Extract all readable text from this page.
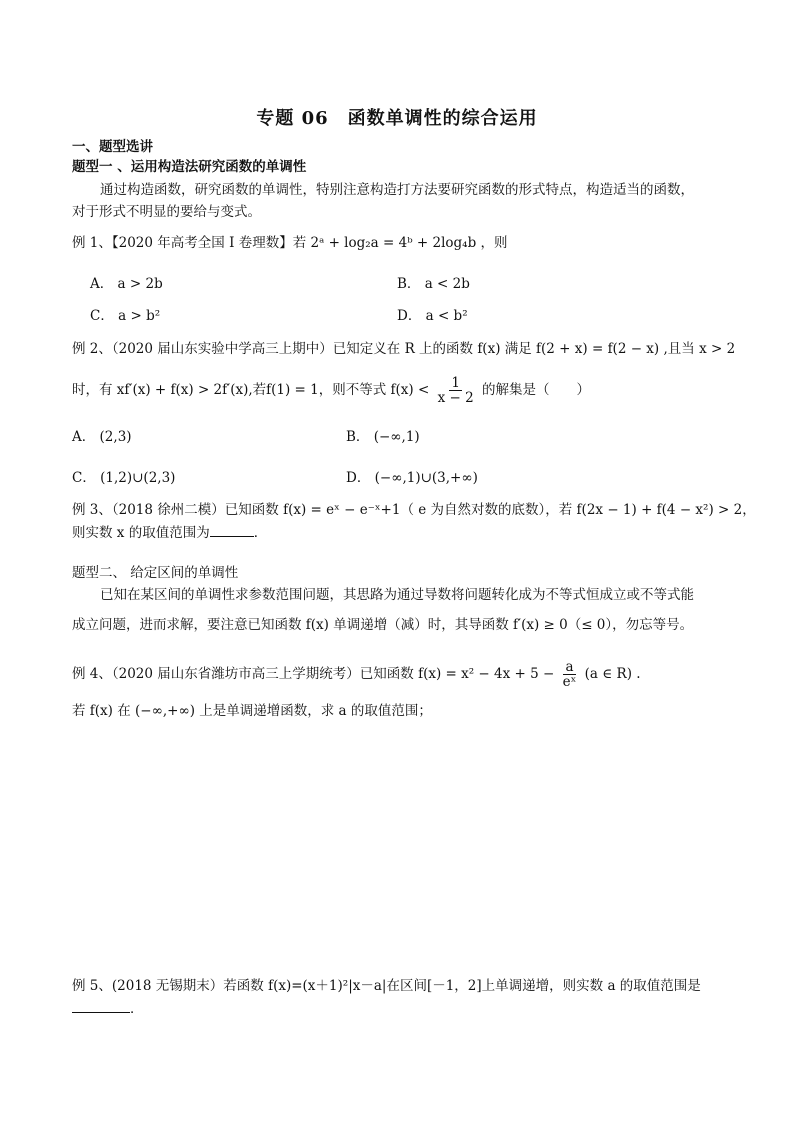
专题 06　函数单调性的综合运用
一、题型选讲
题型一 、运用构造法研究函数的单调性
通过构造函数，研究函数的单调性，特别注意构造打方法要研究函数的形式特点，构造适当的函数，
对于形式不明显的要给与变式。
例 1、【2020 年高考全国 I 卷理数】若 2ᵃ + log₂a = 4ᵇ + 2log₄b ，则
A． a > 2b	B． a < 2b
C． a > b²	D． a < b²
例 2、（2020 届山东实验中学高三上期中）已知定义在 R 上的函数 f(x) 满足 f(2 + x) = f(2 − x) ,且当 x > 2
时，有 xf′(x) + f(x) > 2f′(x),若f(1) = 1，则不等式 $f(x) < \frac{1}{x - 2}$ 的解集是（　　）
A． (2,3)	B． (−∞,1)
C． (1,2)∪(2,3)	D． (−∞,1)∪(3,+∞)
例 3、（2018 徐州二模）已知函数 f(x) = eˣ − e⁻ˣ+1（ e 为自然对数的底数），若 f(2x − 1) + f(4 − x²) > 2，
则实数 x 的取值范围为	．
题型二、 给定区间的单调性
已知在某区间的单调性求参数范围问题，其思路为通过导数将问题转化成为不等式恒成立或不等式能
成立问题，进而求解，要注意已知函数 f(x) 单调递增（减）时，其导函数 f′(x) ≥ 0（≤ 0），勿忘等号。
例 4、（2020 届山东省潍坊市高三上学期统考）已知函数 $f(x) = x^2 - 4x + 5 - \frac{a}{\text{eˣ}} (a$ ∈ R) .
若 f(x) 在 (−∞,+∞) 上是单调递增函数，求 a 的取值范围；
例 5、(2018 无锡期末）若函数 f(x)=(x＋1)²|x－a|在区间[－1，2]上单调递增，则实数 a 的取值范围是
．
